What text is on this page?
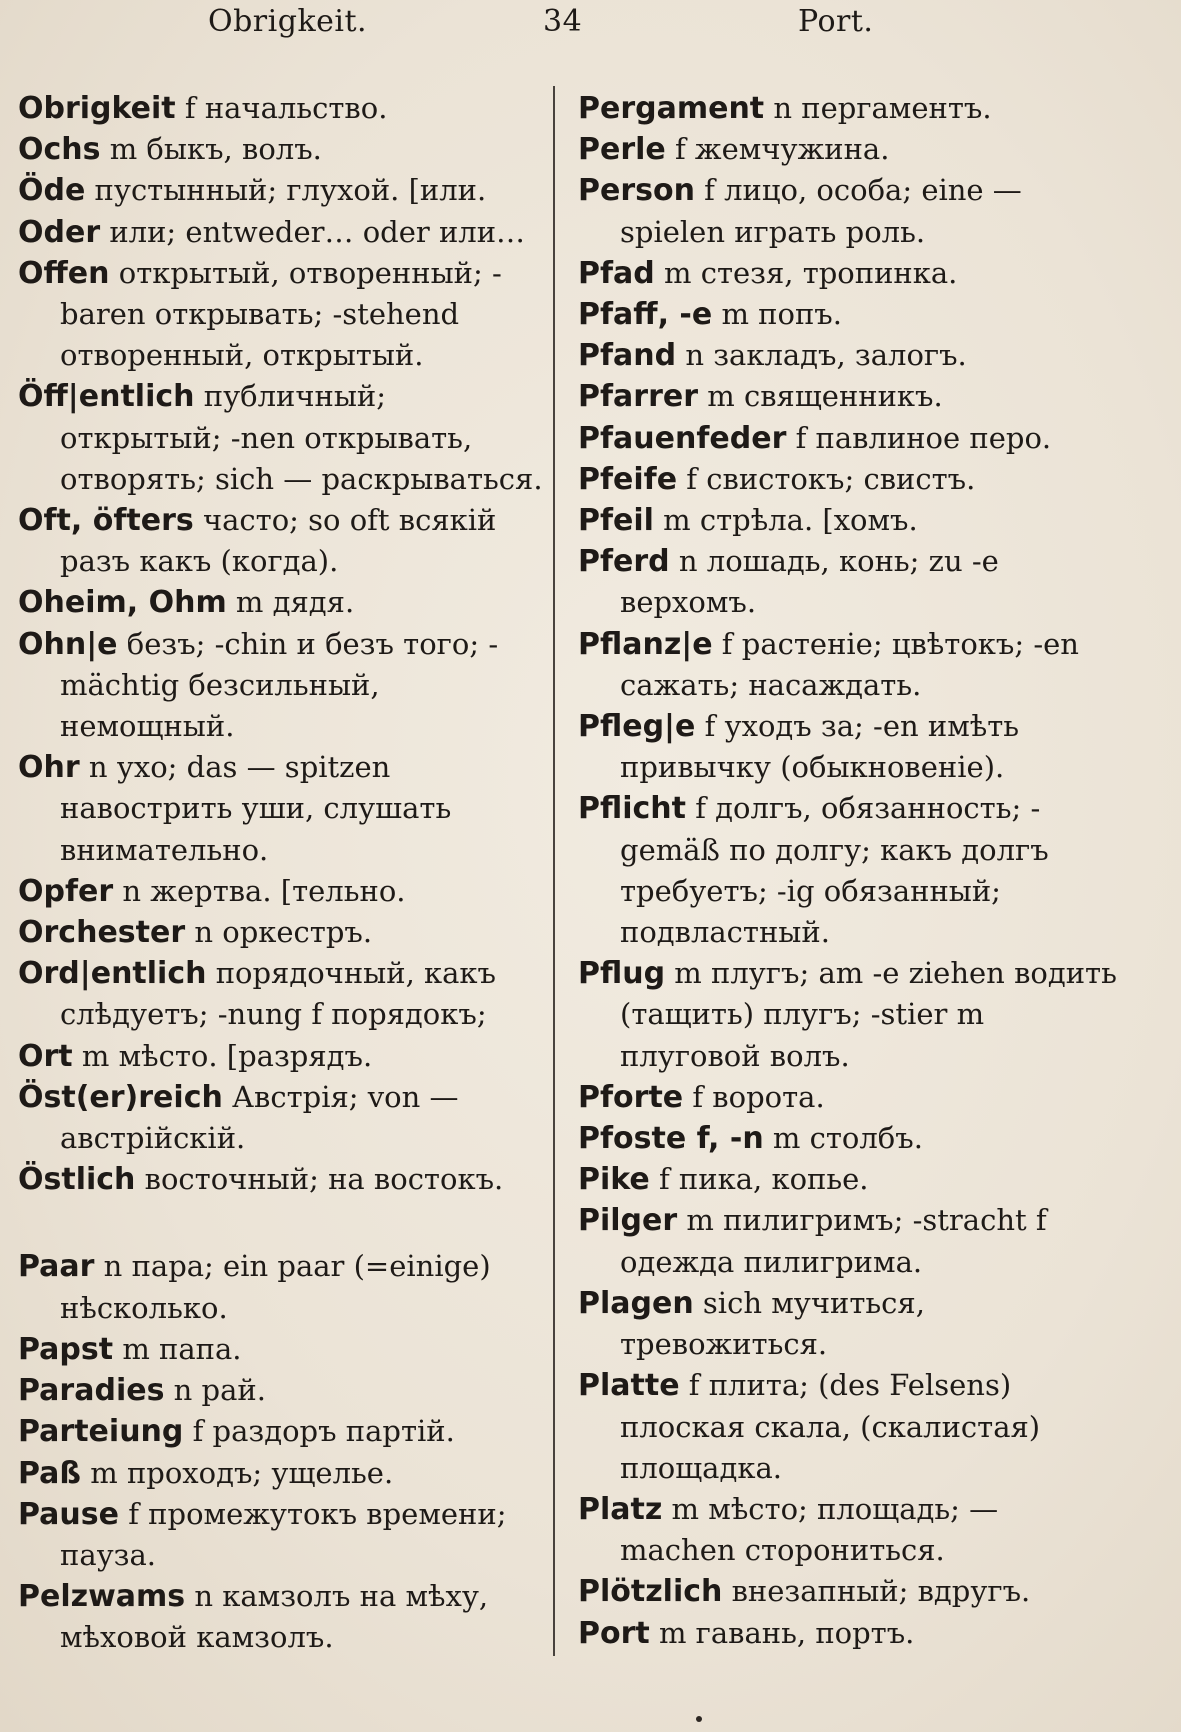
Obrigkeit.	34	Port.

Obrigkeit f начальство.

Ochs m быкъ, волъ.

Öde пустынный; глухой. [или.

Oder или; entweder… oder или…

Offen открытый, отворенный; -baren открывать; -stehend отворенный, открытый.

Öff|entlich публичный; открытый; -nen открывать, отворять; sich — раскрываться.

Oft, öfters часто; so oft всякій разъ какъ (когда).

Oheim, Ohm m дядя.

Ohn|e безъ; -chin и безъ того; -mächtig безсильный, немощный.

Ohr n ухо; das — spitzen навострить уши, слушать внимательно.

Opfer n жертва. [тельно.

Orchester n оркестръ.

Ord|entlich порядочный, какъ слѣдуетъ; -nung f порядокъ;

Ort m мѣсто. [разрядъ.

Öst(er)reich Австрія; von — австрійскій.

Östlich восточный; на востокъ.

Paar n пара; ein paar (=einige) нѣсколько.

Papst m папа.

Paradies n рай.

Parteiung f раздоръ партій.

Paß m проходъ; ущелье.

Pause f промежутокъ времени; пауза.

Pelzwams n камзолъ на мѣху, мѣховой камзолъ.

Pergament n пергаментъ.

Perle f жемчужина.

Person f лицо, особа; eine — spielen играть роль.

Pfad m стезя, тропинка.

Pfaff, -e m попъ.

Pfand n закладъ, залогъ.

Pfarrer m священникъ.

Pfauenfeder f павлиное перо.

Pfeife f свистокъ; свистъ.

Pfeil m стрѣла. [хомъ.

Pferd n лошадь, конь; zu -e верхомъ.

Pflanz|e f растеніе; цвѣтокъ; -en сажать; насаждать.

Pfleg|e f уходъ за; -en имѣть привычку (обыкновеніе).

Pflicht f долгъ, обязанность; -gemäß по долгу; какъ долгъ требуетъ; -ig обязанный; подвластный.

Pflug m плугъ; am -e ziehen водить (тащить) плугъ; -stier m плуговой волъ.

Pforte f ворота.

Pfoste f, -n m столбъ.

Pike f пика, копье.

Pilger m пилигримъ; -stracht f одежда пилигрима.

Plagen sich мучиться, тревожиться.

Platte f плита; (des Felsens) плоская скала, (скалистая) площадка.

Platz m мѣсто; площадь; — machen сторониться.

Plötzlich внезапный; вдругъ.

Port m гавань, портъ.
